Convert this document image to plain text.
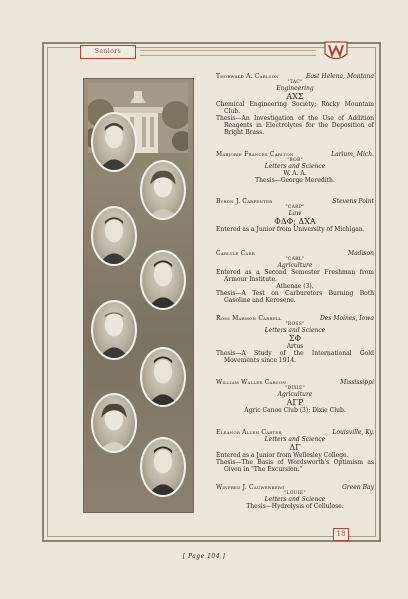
Seniors
Thorwald A. Carlson	East Helena, Montana
"TAC"
Engineering
ΑΧΣ
Chemical Engineering Society; Rocky Mountain Club.
Thesis—An Investigation of the Use of Addition Reagents in Electrolytes for the Deposition of Bright Brass.
Marjorie Frances Carlton	Larium, Mich.
"BOB"
Letters and Science
W. A. A.
Thesis—George Meredith.
Byron J. Carpenter	Stevens Point
"CARP"
Law
ΦΔΦ; ΔΧΑ
Entered as a Junior from University of Michigan.
Carlyle Carr	Madison
"CARL"
Agriculture
Entered as a Second Semester Freshman from Armour Institute.
Athenae (3).
Thesis—A Test on Carburetors Burning Both Gasoline and Kerosene.
Ross Marmon Carrell	Des Moines, Iowa
"ROSS"
Letters and Science
ΣΦ
Artus
Thesis—A Study of the International Gold Movements since 1914.
William Waller Carson	Mississippi
"DIXIE"
Agriculture
ΑΓΡ
Agric Canoe Club (3); Dixie Club.
Eleanor Allen Carter	Louisville, Ky.
Letters and Science
ΔΓ
Entered as a Junior from Wellesley College.
Thesis—The Basis of Wordsworth's Optimism as Given in "The Excursion."
Winfred J. Cauwenberg	Green Bay
"LOUIE"
Letters and Science
Thesis—Hydrolysis of Cellulose.
18
[ Page 104 ]
